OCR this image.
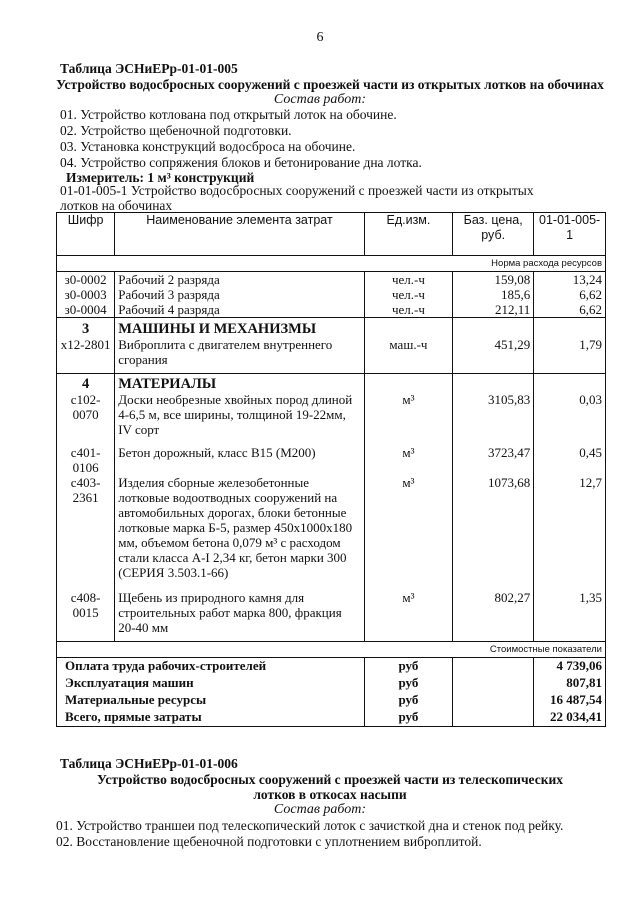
6
Таблица ЭСНиЕРр-01-01-005
Устройство водосбросных сооружений с проезжей части из открытых лотков на обочинах
Состав работ:
01. Устройство котлована под открытый лоток на обочине.
02. Устройство щебеночной подготовки.
03. Установка конструкций водосброса на обочине.
04. Устройство сопряжения блоков и бетонирование дна лотка.
Измеритель: 1 м³ конструкций
01-01-005-1 Устройство водосбросных сооружений с проезжей части из открытых лотков на обочинах
Шифр	Наименование элемента затрат	Ед.изм.	Баз. цена, руб.	01-01-005-1
Норма расхода ресурсов				
з0-0002	Рабочий 2 разряда	чел.-ч	159,08	13,24
з0-0003	Рабочий 3 разряда	чел.-ч	185,6	6,62
з0-0004	Рабочий 4 разряда	чел.-ч	212,11	6,62
3	МАШИНЫ И МЕХАНИЗМЫ			
х12-2801	Виброплита с двигателем внутреннего сгорания	маш.-ч	451,29	1,79
4	МАТЕРИАЛЫ			
с102-0070	Доски необрезные хвойных пород длиной 4-6,5 м, все ширины, толщиной 19-22мм, IV сорт	м³	3105,83	0,03
с401-0106	Бетон дорожный, класс В15 (М200)	м³	3723,47	0,45
с403-2361	Изделия сборные железобетонные лотковые водоотводных сооружений на автомобильных дорогах, блоки бетонные лотковые марка Б-5, размер 450х1000х180 мм, объемом бетона 0,079 м³ с расходом стали класса А-I 2,34 кг, бетон марки 300 (СЕРИЯ 3.503.1-66)	м³	1073,68	12,7
с408-0015	Щебень из природного камня для строительных работ марка 800, фракция 20-40 мм	м³	802,27	1,35
Стоимостные показатели				
Оплата труда рабочих-строителей		руб		4 739,06
Эксплуатация машин		руб		807,81
Материальные ресурсы		руб		16 487,54
Всего, прямые затраты		руб		22 034,41
Таблица ЭСНиЕРр-01-01-006
Устройство водосбросных сооружений с проезжей части из телескопических лотков в откосах насыпи
Состав работ:
01. Устройство траншеи под телескопический лоток с зачисткой дна и стенок под рейку.
02. Восстановление щебеночной подготовки с уплотнением виброплитой.
